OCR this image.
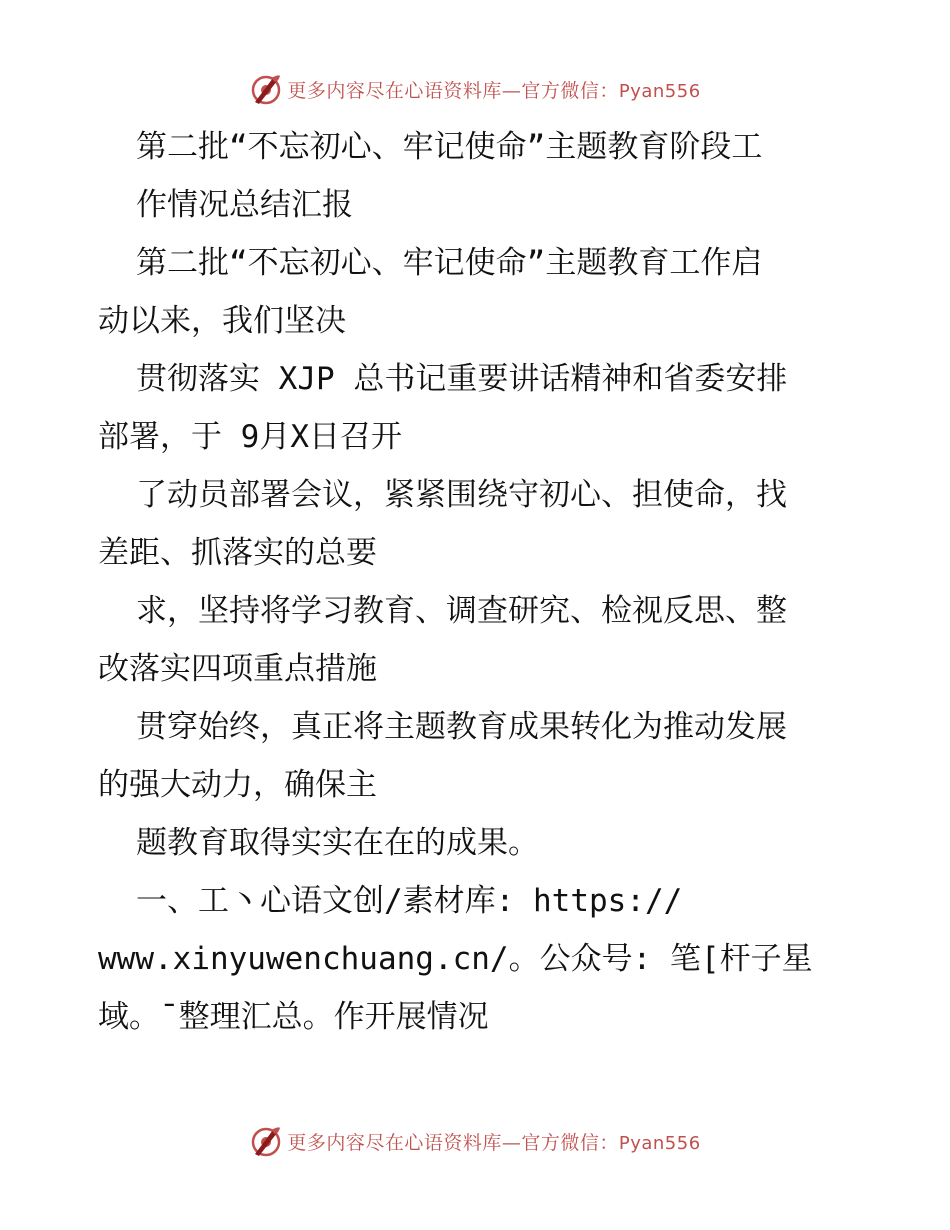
更多内容尽在心语资料库—官方微信：Pyan556
第二批“不忘初心、牢记使命”主题教育阶段工
作情况总结汇报
第二批“不忘初心、牢记使命”主题教育工作启
动以来，我们坚决
贯彻落实 XJP 总书记重要讲话精神和省委安排
部署，于 9月X日召开
了动员部署会议，紧紧围绕守初心、担使命，找
差距、抓落实的总要
求，坚持将学习教育、调查研究、检视反思、整
改落实四项重点措施
贯穿始终，真正将主题教育成果转化为推动发展
的强大动力，确保主
题教育取得实实在在的成果。
一、工丶心语文创/素材库: https://
www.xinyuwenchuang.cn/。公众号: 笔[杆子星
域。¯整理汇总。作开展情况
更多内容尽在心语资料库—官方微信：Pyan556
